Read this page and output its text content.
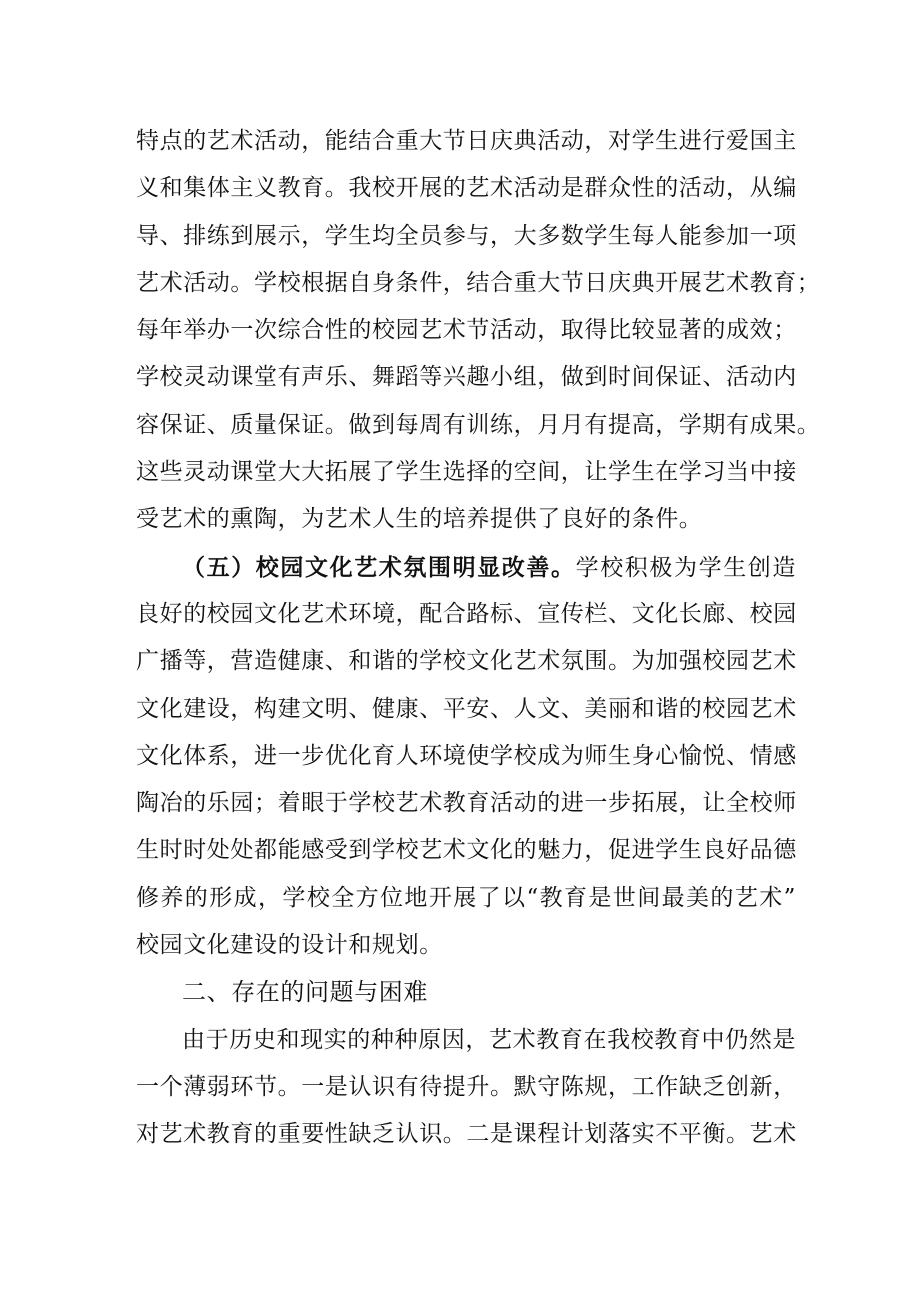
特点的艺术活动，能结合重大节日庆典活动，对学生进行爱国主
义和集体主义教育。我校开展的艺术活动是群众性的活动，从编
导、排练到展示，学生均全员参与，大多数学生每人能参加一项
艺术活动。学校根据自身条件，结合重大节日庆典开展艺术教育；
每年举办一次综合性的校园艺术节活动，取得比较显著的成效；
学校灵动课堂有声乐、舞蹈等兴趣小组，做到时间保证、活动内
容保证、质量保证。做到每周有训练，月月有提高，学期有成果。
这些灵动课堂大大拓展了学生选择的空间，让学生在学习当中接
受艺术的熏陶，为艺术人生的培养提供了良好的条件。
（五）校园文化艺术氛围明显改善。学校积极为学生创造
良好的校园文化艺术环境，配合路标、宣传栏、文化长廊、校园
广播等，营造健康、和谐的学校文化艺术氛围。为加强校园艺术
文化建设，构建文明、健康、平安、人文、美丽和谐的校园艺术
文化体系，进一步优化育人环境使学校成为师生身心愉悦、情感
陶冶的乐园；着眼于学校艺术教育活动的进一步拓展，让全校师
生时时处处都能感受到学校艺术文化的魅力，促进学生良好品德
修养的形成，学校全方位地开展了以“教育是世间最美的艺术”
校园文化建设的设计和规划。
二、存在的问题与困难
由于历史和现实的种种原因，艺术教育在我校教育中仍然是
一个薄弱环节。一是认识有待提升。默守陈规，工作缺乏创新，
对艺术教育的重要性缺乏认识。二是课程计划落实不平衡。艺术
